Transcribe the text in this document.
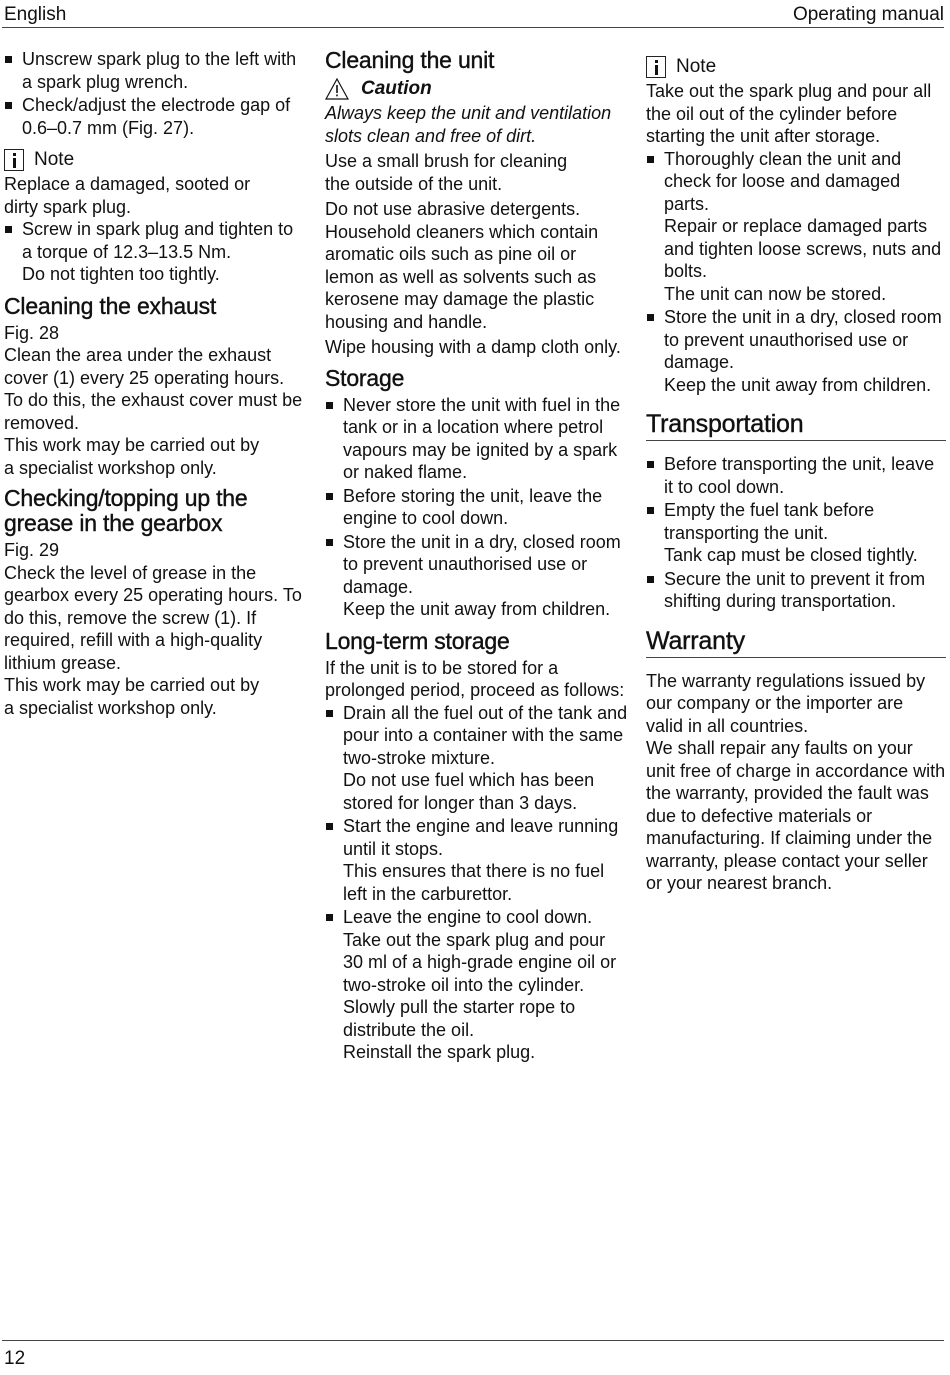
English	Operating manual
Unscrew spark plug to the left with a spark plug wrench.
Check/adjust the electrode gap of 0.6–0.7 mm (Fig. 27).
Note

Replace a damaged, sooted or dirty spark plug.

Screw in spark plug and tighten to a torque of 12.3–13.5 Nm.
Do not tighten too tightly.
Cleaning the exhaust

Fig. 28

Clean the area under the exhaust cover (1) every 25 operating hours. To do this, the exhaust cover must be removed.

This work may be carried out by a specialist workshop only.

Checking/topping up the grease in the gearbox

Fig. 29

Check the level of grease in the gearbox every 25 operating hours. To do this, remove the screw (1). If required, refill with a high-quality lithium grease.

This work may be carried out by a specialist workshop only.

Cleaning the unit
Caution

Always keep the unit and ventilation slots clean and free of dirt.

Use a small brush for cleaning the outside of the unit.

Do not use abrasive detergents. Household cleaners which contain aromatic oils such as pine oil or lemon as well as solvents such as kerosene may damage the plastic housing and handle.

Wipe housing with a damp cloth only.

Storage
Never store the unit with fuel in the tank or in a location where petrol vapours may be ignited by a spark or naked flame.
Before storing the unit, leave the engine to cool down.
Store the unit in a dry, closed room to prevent unauthorised use or damage.
Keep the unit away from children.
Long-term storage

If the unit is to be stored for a prolonged period, proceed as follows:

Drain all the fuel out of the tank and pour into a container with the same two-stroke mixture.
Do not use fuel which has been stored for longer than 3 days.
Start the engine and leave running until it stops.
This ensures that there is no fuel left in the carburettor.
Leave the engine to cool down.
Take out the spark plug and pour 30 ml of a high-grade engine oil or two-stroke oil into the cylinder.
Slowly pull the starter rope to distribute the oil.
Reinstall the spark plug.
Note

Take out the spark plug and pour all the oil out of the cylinder before starting the unit after storage.

Thoroughly clean the unit and check for loose and damaged parts.
Repair or replace damaged parts and tighten loose screws, nuts and bolts.
The unit can now be stored.
Store the unit in a dry, closed room to prevent unauthorised use or damage.
Keep the unit away from children.
Transportation
Before transporting the unit, leave it to cool down.
Empty the fuel tank before transporting the unit.
Tank cap must be closed tightly.
Secure the unit to prevent it from shifting during transportation.
Warranty

The warranty regulations issued by our company or the importer are valid in all countries.

We shall repair any faults on your unit free of charge in accordance with the warranty, provided the fault was due to defective materials or manufacturing. If claiming under the warranty, please contact your seller or your nearest branch.

12
